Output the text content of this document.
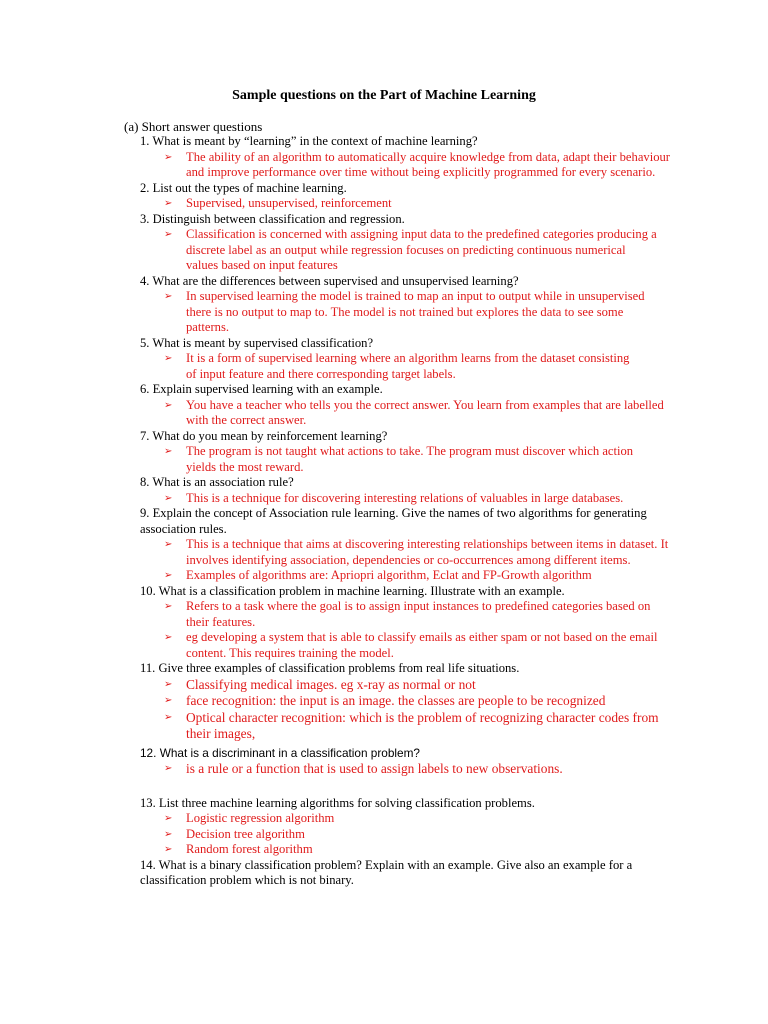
Sample questions on the Part of Machine Learning
(a) Short answer questions
1. What is meant by “learning” in the context of machine learning?
➢	The ability of an algorithm to automatically acquire knowledge from data, adapt their behaviour and improve performance over time without being explicitly programmed for every scenario.
2. List out the types of machine learning.
➢	Supervised, unsupervised, reinforcement
3. Distinguish between classification and regression.
➢	Classification is concerned with assigning input data to the predefined categories producing a discrete label as an output while regression focuses on predicting continuous numerical values based on input features
4. What are the differences between supervised and unsupervised learning?
➢	In supervised learning the model is trained to map an input to output while in unsupervised there is no output to map to. The model is not trained but explores the data to see some patterns.
5. What is meant by supervised classification?
➢	It is a form of supervised learning where an algorithm learns from the dataset consisting of input feature and there corresponding target labels.
6. Explain supervised learning with an example.
➢	You have a teacher who tells you the correct answer. You learn from examples that are labelled with the correct answer.
7. What do you mean by reinforcement learning?
➢	The program is not taught what actions to take. The program must discover which action yields the most reward.
8. What is an association rule?
➢	This is a technique for discovering interesting relations of valuables in large databases.
9. Explain the concept of Association rule learning. Give the names of two algorithms for generating association rules.
➢	This is a technique that aims at discovering interesting relationships between items in dataset. It involves identifying association, dependencies or co-occurrences among different items.
➢	Examples of algorithms are: Apriopri algorithm, Eclat and FP-Growth algorithm
10. What is a classification problem in machine learning. Illustrate with an example.
➢	Refers to a task where the goal is to assign input instances to predefined categories based on their features.
➢	eg developing a system that is able to classify emails as either spam or not based on the email content. This requires training the model.
11. Give three examples of classification problems from real life situations.
➢	Classifying medical images. eg x-ray as normal or not
➢	face recognition: the input is an image. the classes are people to be recognized
➢	Optical character recognition: which is the problem of recognizing character codes from their images,
12. What is a discriminant in a classification problem?
➢	is a rule or a function that is used to assign labels to new observations.
13. List three machine learning algorithms for solving classification problems.
➢	Logistic regression algorithm
➢	Decision tree algorithm
➢	Random forest algorithm
14. What is a binary classification problem? Explain with an example. Give also an example for a classification problem which is not binary.
